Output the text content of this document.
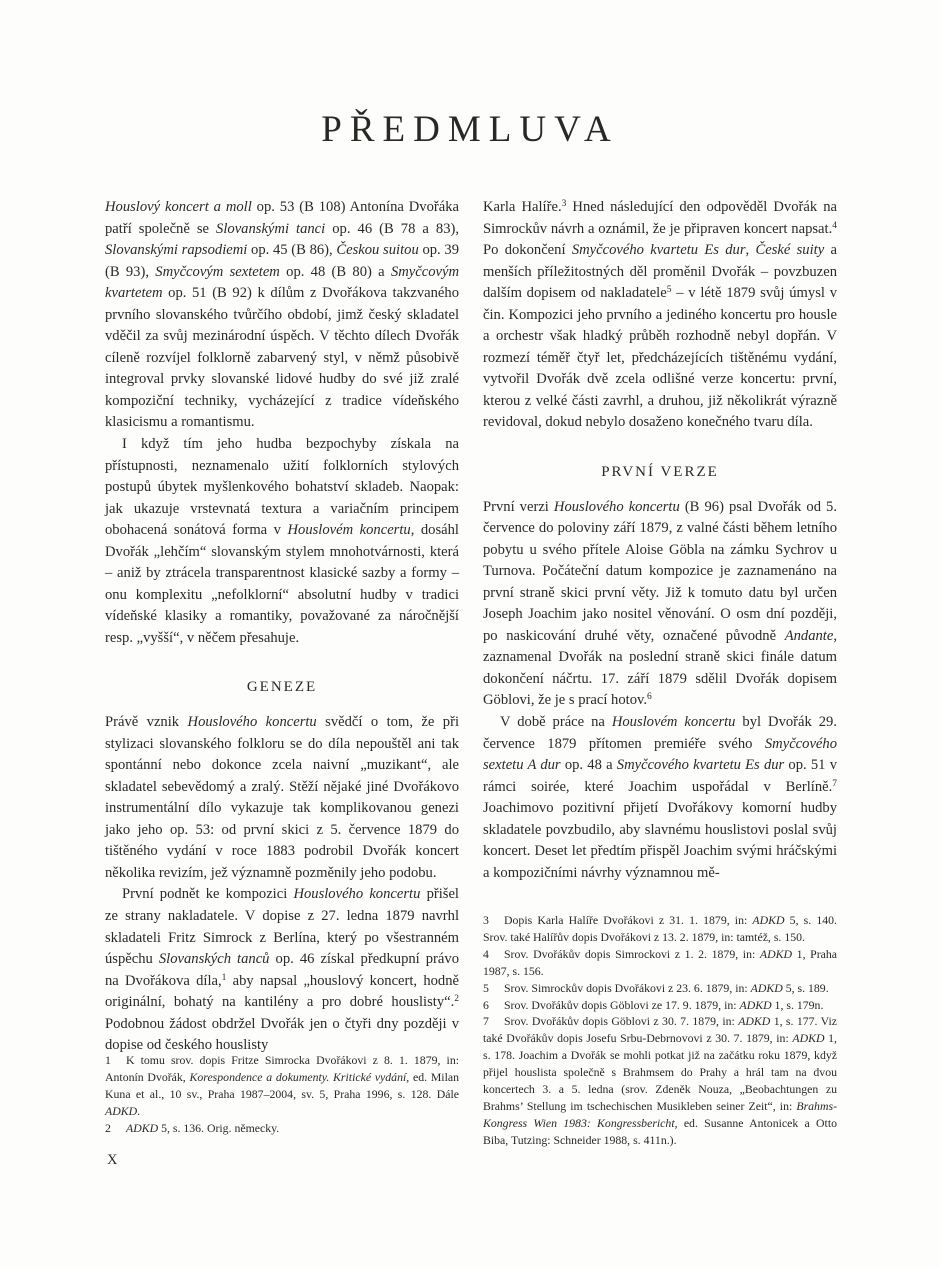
PŘEDMLUVA

Houslový koncert a moll op. 53 (B 108) Antonína Dvořáka patří společně se Slovanskými tanci op. 46 (B 78 a 83), Slovanskými rapsodiemi op. 45 (B 86), Českou suitou op. 39 (B 93), Smyčcovým sextetem op. 48 (B 80) a Smyčcovým kvartetem op. 51 (B 92) k dílům z Dvořákova takzvaného prvního slovanského tvůrčího období, jimž český skladatel vděčil za svůj mezinárodní úspěch. V těchto dílech Dvořák cíleně rozvíjel folklorně zabarvený styl, v němž působivě integroval prvky slovanské lidové hudby do své již zralé kompoziční techniky, vycházející z tradice vídeňského klasicismu a romantismu.

I když tím jeho hudba bezpochyby získala na přístupnosti, neznamenalo užití folklorních stylových postupů úbytek myšlenkového bohatství skladeb. Naopak: jak ukazuje vrstevnatá textura a variačním principem obohacená sonátová forma v Houslovém koncertu, dosáhl Dvořák „lehčím“ slovanským stylem mnohotvárnosti, která – aniž by ztrácela transparentnost klasické sazby a formy – onu komplexitu „nefolklorní“ absolutní hudby v tradici vídeňské klasiky a romantiky, považované za náročnější resp. „vyšší“, v něčem přesahuje.

GENEZE

Právě vznik Houslového koncertu svědčí o tom, že při stylizaci slovanského folkloru se do díla nepouštěl ani tak spontánní nebo dokonce zcela naivní „muzikant“, ale skladatel sebevědomý a zralý. Stěží nějaké jiné Dvořákovo instrumentální dílo vykazuje tak komplikovanou genezi jako jeho op. 53: od první skici z 5. července 1879 do tištěného vydání v roce 1883 podrobil Dvořák koncert několika revizím, jež významně pozměnily jeho podobu.

První podnět ke kompozici Houslového koncertu přišel ze strany nakladatele. V dopise z 27. ledna 1879 navrhl skladateli Fritz Simrock z Berlína, který po všestranném úspěchu Slovanských tanců op. 46 získal předkupní právo na Dvořákova díla,$^1$ aby napsal „houslový koncert, hodně originální, bohatý na kantilény a pro dobré houslisty“.$^2$ Podobnou žádost obdržel Dvořák jen o čtyři dny později v dopise od českého houslisty

Karla Halíře.$^3$ Hned následující den odpověděl Dvořák na Simrockův návrh a oznámil, že je připraven koncert napsat.$^4$ Po dokončení Smyčcového kvartetu Es dur, České suity a menších příležitostných děl proměnil Dvořák – povzbuzen dalším dopisem od nakladatele$^5$ – v létě 1879 svůj úmysl v čin. Kompozici jeho prvního a jediného koncertu pro housle a orchestr však hladký průběh rozhodně nebyl dopřán. V rozmezí téměř čtyř let, předcházejících tištěnému vydání, vytvořil Dvořák dvě zcela odlišné verze koncertu: první, kterou z velké části zavrhl, a druhou, již několikrát výrazně revidoval, dokud nebylo dosaženo konečného tvaru díla.

PRVNÍ VERZE

První verzi Houslového koncertu (B 96) psal Dvořák od 5. července do poloviny září 1879, z valné části během letního pobytu u svého přítele Aloise Göbla na zámku Sychrov u Turnova. Počáteční datum kompozice je zaznamenáno na první straně skici první věty. Již k tomuto datu byl určen Joseph Joachim jako nositel věnování. O osm dní později, po naskicování druhé věty, označené původně Andante, zaznamenal Dvořák na poslední straně skici finále datum dokončení náčrtu. 17. září 1879 sdělil Dvořák dopisem Göblovi, že je s prací hotov.$^6$

V době práce na Houslovém koncertu byl Dvořák 29. července 1879 přítomen premiéře svého Smyčcového sextetu A dur op. 48 a Smyčcového kvartetu Es dur op. 51 v rámci soirée, které Joachim uspořádal v Berlíně.$^7$ Joachimovo pozitivní přijetí Dvořákovy komorní hudby skladatele povzbudilo, aby slavnému houslistovi poslal svůj koncert. Deset let předtím přispěl Joachim svými hráčskými a kompozičními návrhy významnou mě-

1 K tomu srov. dopis Fritze Simrocka Dvořákovi z 8. 1. 1879, in: Antonín Dvořák, Korespondence a dokumenty. Kritické vydání, ed. Milan Kuna et al., 10 sv., Praha 1987–2004, sv. 5, Praha 1996, s. 128. Dále ADKD.

2 ADKD 5, s. 136. Orig. německy.

3 Dopis Karla Halíře Dvořákovi z 31. 1. 1879, in: ADKD 5, s. 140. Srov. také Halířův dopis Dvořákovi z 13. 2. 1879, in: tamtéž, s. 150.

4 Srov. Dvořákův dopis Simrockovi z 1. 2. 1879, in: ADKD 1, Praha 1987, s. 156.

5 Srov. Simrockův dopis Dvořákovi z 23. 6. 1879, in: ADKD 5, s. 189.

6 Srov. Dvořákův dopis Göblovi ze 17. 9. 1879, in: ADKD 1, s. 179n.

7 Srov. Dvořákův dopis Göblovi z 30. 7. 1879, in: ADKD 1, s. 177. Viz také Dvořákův dopis Josefu Srbu-Debrnovovi z 30. 7. 1879, in: ADKD 1, s. 178. Joachim a Dvořák se mohli potkat již na začátku roku 1879, když přijel houslista společně s Brahmsem do Prahy a hrál tam na dvou koncertech 3. a 5. ledna (srov. Zdeněk Nouza, „Beobachtungen zu Brahms’ Stellung im tschechischen Musikleben seiner Zeit“, in: Brahms-Kongress Wien 1983: Kongressbericht, ed. Susanne Antonicek a Otto Biba, Tutzing: Schneider 1988, s. 411n.).

X
